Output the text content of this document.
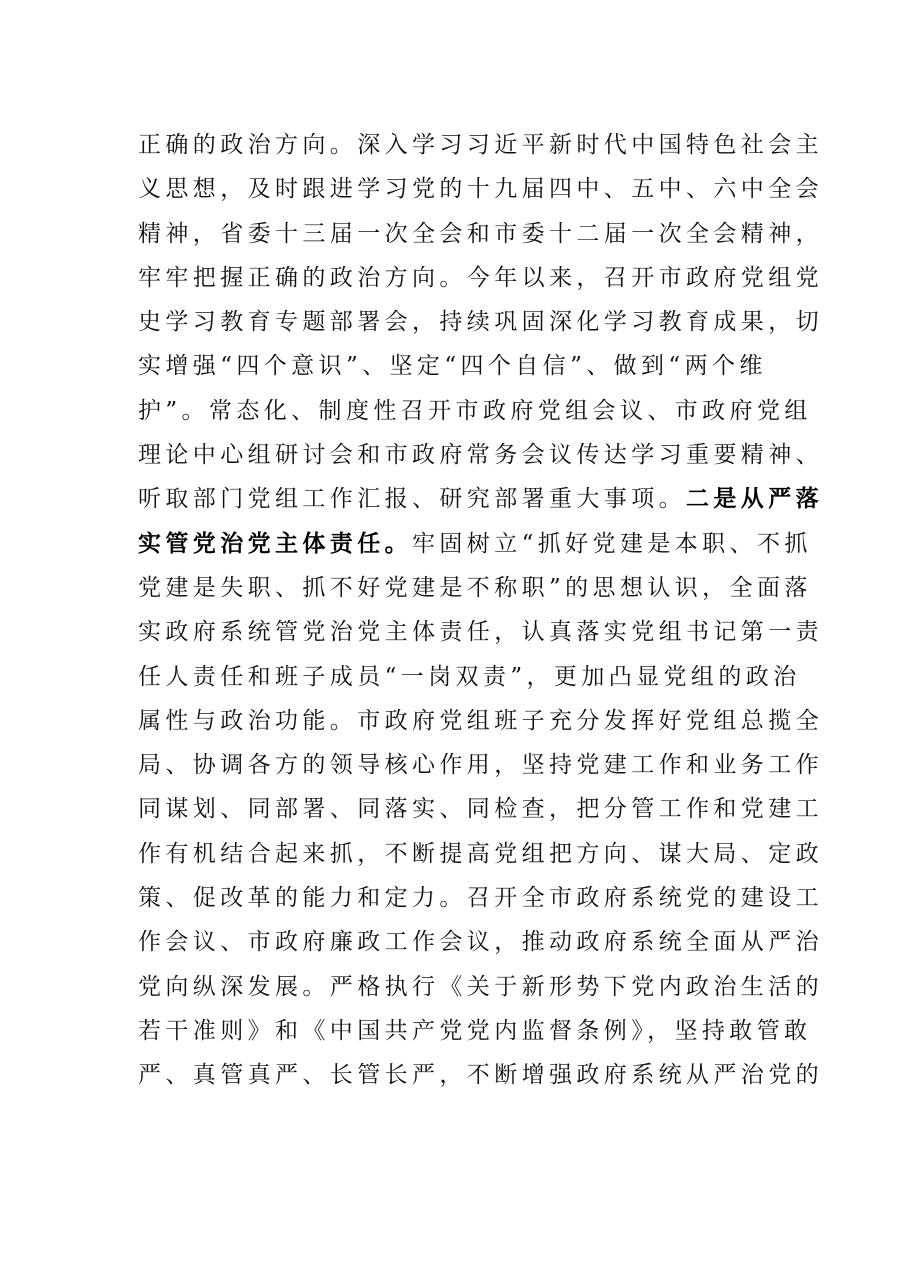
正确的政治方向。深入学习习近平新时代中国特色社会主
义思想，及时跟进学习党的十九届四中、五中、六中全会
精神，省委十三届一次全会和市委十二届一次全会精神，
牢牢把握正确的政治方向。今年以来，召开市政府党组党
史学习教育专题部署会，持续巩固深化学习教育成果，切
实增强“四个意识”、坚定“四个自信”、做到“两个维
护”。常态化、制度性召开市政府党组会议、市政府党组
理论中心组研讨会和市政府常务会议传达学习重要精神、
听取部门党组工作汇报、研究部署重大事项。二是从严落
实管党治党主体责任。牢固树立“抓好党建是本职、不抓
党建是失职、抓不好党建是不称职”的思想认识，全面落
实政府系统管党治党主体责任，认真落实党组书记第一责
任人责任和班子成员“一岗双责”，更加凸显党组的政治
属性与政治功能。市政府党组班子充分发挥好党组总揽全
局、协调各方的领导核心作用，坚持党建工作和业务工作
同谋划、同部署、同落实、同检查，把分管工作和党建工
作有机结合起来抓，不断提高党组把方向、谋大局、定政
策、促改革的能力和定力。召开全市政府系统党的建设工
作会议、市政府廉政工作会议，推动政府系统全面从严治
党向纵深发展。严格执行《关于新形势下党内政治生活的
若干准则》和《中国共产党党内监督条例》，坚持敢管敢
严、真管真严、长管长严，不断增强政府系统从严治党的
